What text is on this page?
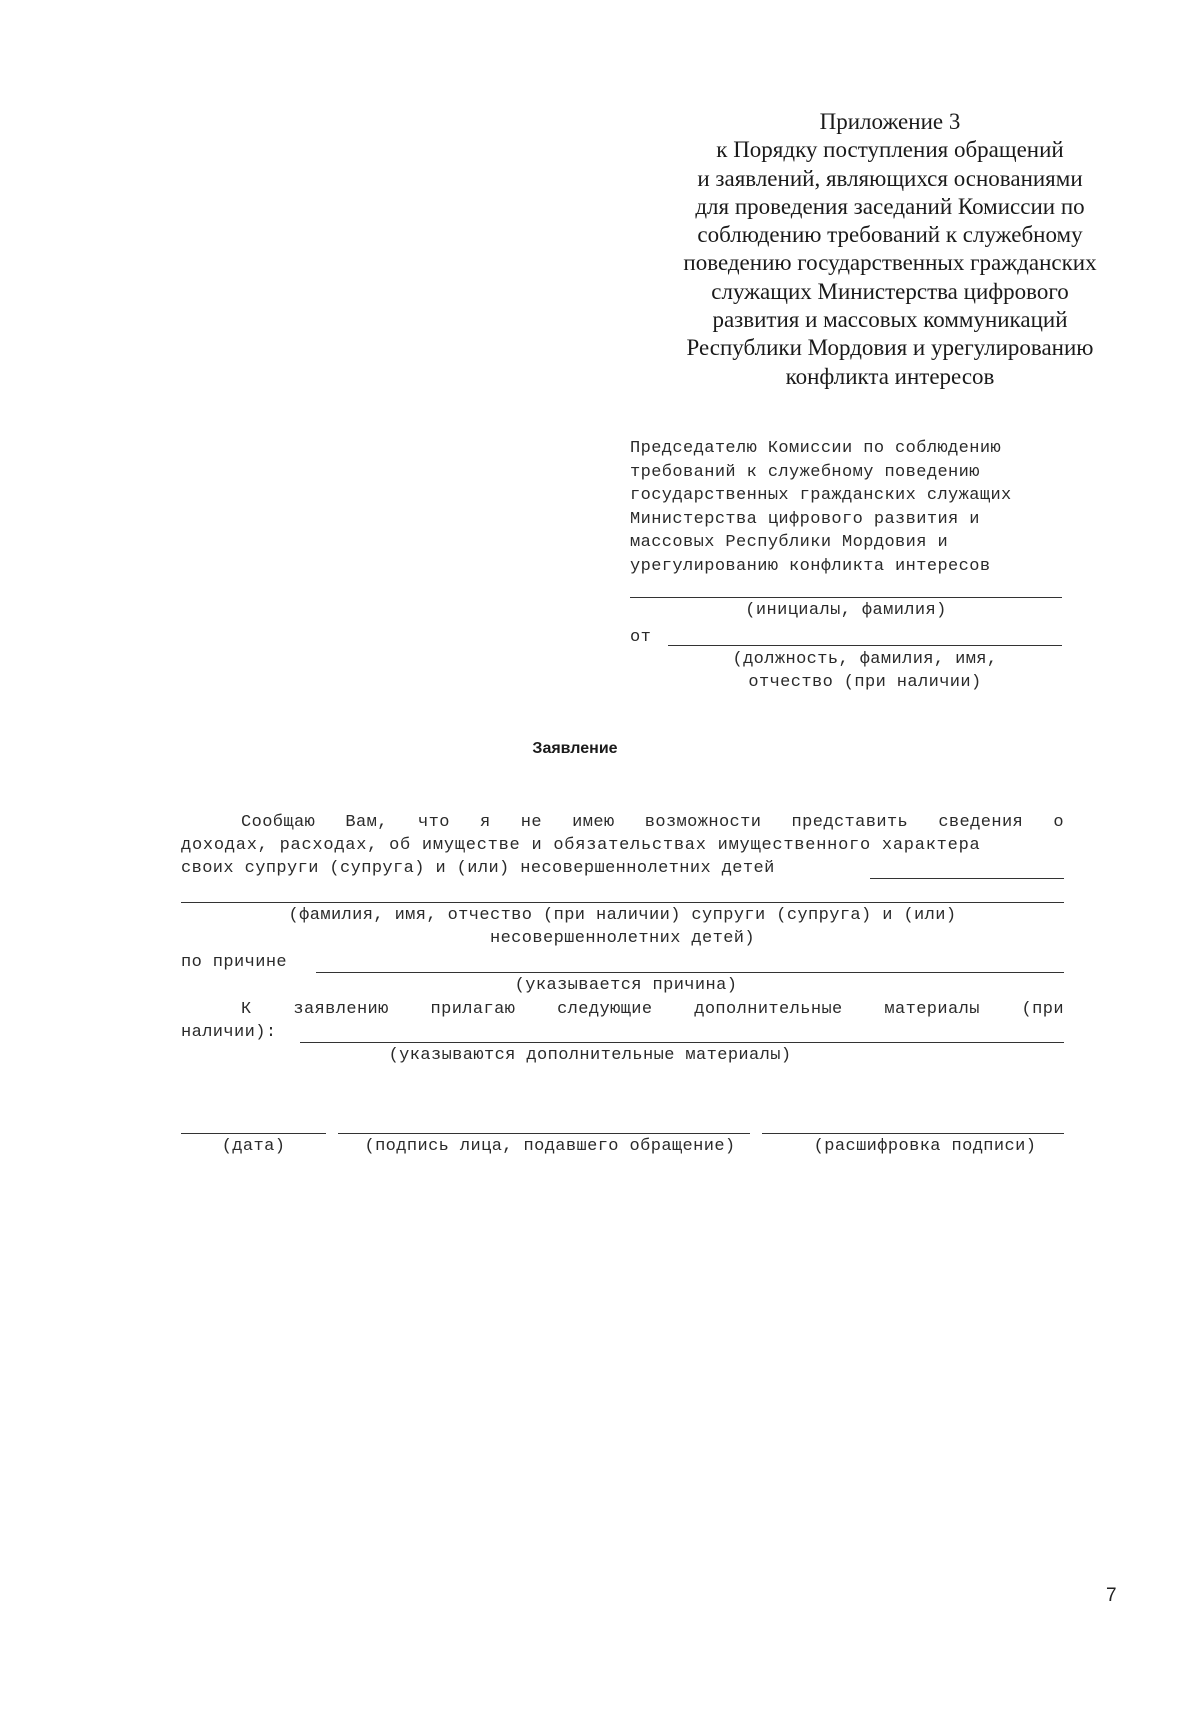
Приложение 3
к Порядку поступления обращений
и заявлений, являющихся основаниями
для проведения заседаний Комиссии по
соблюдению требований к служебному
поведению государственных гражданских
служащих Министерства цифрового
развития и массовых коммуникаций
Республики Мордовия и урегулированию
конфликта интересов
Председателю Комиссии по соблюдению
требований к служебному поведению
государственных гражданских служащих
Министерства цифрового развития и
массовых Республики Мордовия и
урегулированию конфликта интересов
(инициалы, фамилия)
от
(должность, фамилия, имя,
отчество (при наличии)
Заявление
Сообщаю Вам, что я не имею возможности представить сведения о
доходах, расходах, об имуществе и обязательствах имущественного характера
своих супруги (супруга) и (или) несовершеннолетних детей
(фамилия, имя, отчество (при наличии) супруги (супруга) и (или)
несовершеннолетних детей)
по причине
(указывается причина)
К заявлению прилагаю следующие дополнительные материалы (при
наличии):
(указываются дополнительные материалы)
(дата)	(подпись лица, подавшего обращение)	(расшифровка подписи)
7
